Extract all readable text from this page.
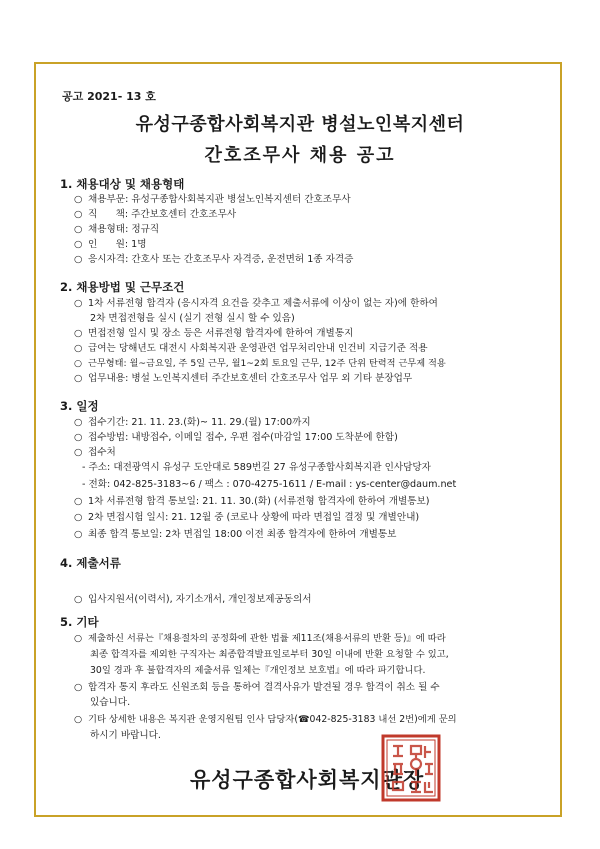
공고 2021- 13 호
유성구종합사회복지관 병설노인복지센터
간호조무사 채용 공고
1. 채용대상 및 채용형태
○ 채용부문: 유성구종합사회복지관 병설노인복지센터 간호조무사
○ 직      책: 주간보호센터 간호조무사
○ 채용형태: 정규직
○ 인      원: 1명
○ 응시자격: 간호사 또는 간호조무사 자격증, 운전면허 1종 자격증
2. 채용방법 및 근무조건
○ 1차 서류전형 합격자 (응시자격 요건을 갖추고 제출서류에 이상이 없는 자)에 한하여
2차 면접전형을 실시 (실기 전형 실시 할 수 있음)
○ 면접전형 일시 및 장소 등은 서류전형 합격자에 한하여 개별통지
○ 급여는 당해년도 대전시 사회복지관 운영관련 업무처리안내 인건비 지급기준 적용
○ 근무형태: 월~금요일, 주 5일 근무, 월1~2회 토요일 근무, 12주 단위 탄력적 근무제 적용
○ 업무내용: 병설 노인복지센터 주간보호센터 간호조무사 업무 외 기타 분장업무
3. 일정
○ 접수기간: 21. 11. 23.(화)~ 11. 29.(월) 17:00까지
○ 접수방법: 내방접수, 이메일 접수, 우편 접수(마감일 17:00 도착분에 한함)
○ 접수처
- 주소: 대전광역시 유성구 도안대로 589번길 27 유성구종합사회복지관 인사담당자
- 전화: 042-825-3183~6 / 팩스 : 070-4275-1611 / E-mail : ys-center@daum.net
○ 1차 서류전형 합격 통보일: 21. 11. 30.(화) (서류전형 합격자에 한하여 개별통보)
○ 2차 면접시험 일시: 21. 12월 중 (코로나 상황에 따라 면접일 결정 및 개별안내)
○ 최종 합격 통보일: 2차 면접일 18:00 이전 최종 합격자에 한하여 개별통보
4. 제출서류
○ 입사지원서(이력서), 자기소개서, 개인정보제공동의서
5. 기타
○ 제출하신 서류는『채용절차의 공정화에 관한 법률 제11조(채용서류의 반환 등)』에 따라
최종 합격자를 제외한 구직자는 최종합격발표일로부터 30일 이내에 반환 요청할 수 있고,
30일 경과 후 불합격자의 제출서류 일체는『개인정보 보호법』에 따라 파기합니다.
○ 합격자 통지 후라도 신원조회 등을 통하여 결격사유가 발견될 경우 합격이 취소 될 수
있습니다.
○ 기타 상세한 내용은 복지관 운영지원팀 인사 담당자(☎042-825-3183 내선 2번)에게 문의
하시기 바랍니다.
유성구종합사회복지관장
